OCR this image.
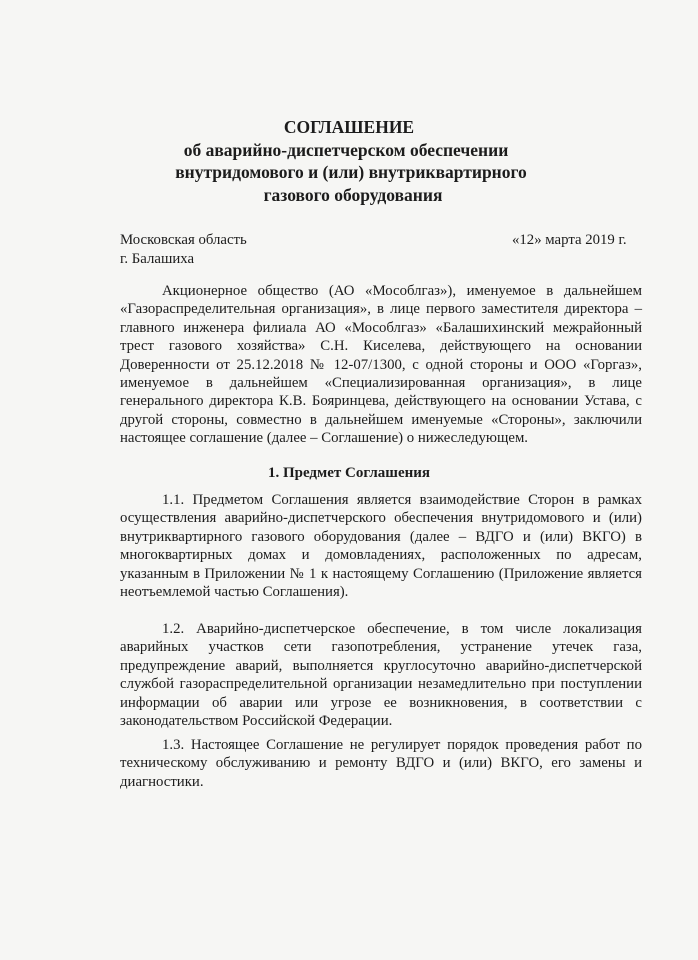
СОГЛАШЕНИЕ
об аварийно-диспетчерском обеспечении
внутридомового и (или) внутриквартирного
газового оборудования
Московская область	«12» марта 2019 г.
г. Балашиха
Акционерное общество (АО «Мособлгаз»), именуемое в дальнейшем «Газораспределительная организация», в лице первого заместителя директора – главного инженера филиала АО «Мособлгаз» «Балашихинский межрайонный трест газового хозяйства» С.Н. Киселева, действующего на основании Доверенности от 25.12.2018 № 12-07/1300, с одной стороны и ООО «Горгаз», именуемое в дальнейшем «Специализированная организация», в лице генерального директора К.В. Бояринцева, действующего на основании Устава, с другой стороны, совместно в дальнейшем именуемые «Стороны», заключили настоящее соглашение (далее – Соглашение) о нижеследующем.
1. Предмет Соглашения
1.1. Предметом Соглашения является взаимодействие Сторон в рамках осуществления аварийно-диспетчерского обеспечения внутридомового и (или) внутриквартирного газового оборудования (далее – ВДГО и (или) ВКГО) в многоквартирных домах и домовладениях, расположенных по адресам, указанным в Приложении № 1 к настоящему Соглашению (Приложение является неотъемлемой частью Соглашения).
1.2. Аварийно-диспетчерское обеспечение, в том числе локализация аварийных участков сети газопотребления, устранение утечек газа, предупреждение аварий, выполняется круглосуточно аварийно-диспетчерской службой газораспределительной организации незамедлительно при поступлении информации об аварии или угрозе ее возникновения, в соответствии с законодательством Российской Федерации.
1.3. Настоящее Соглашение не регулирует порядок проведения работ по техническому обслуживанию и ремонту ВДГО и (или) ВКГО, его замены и диагностики.
